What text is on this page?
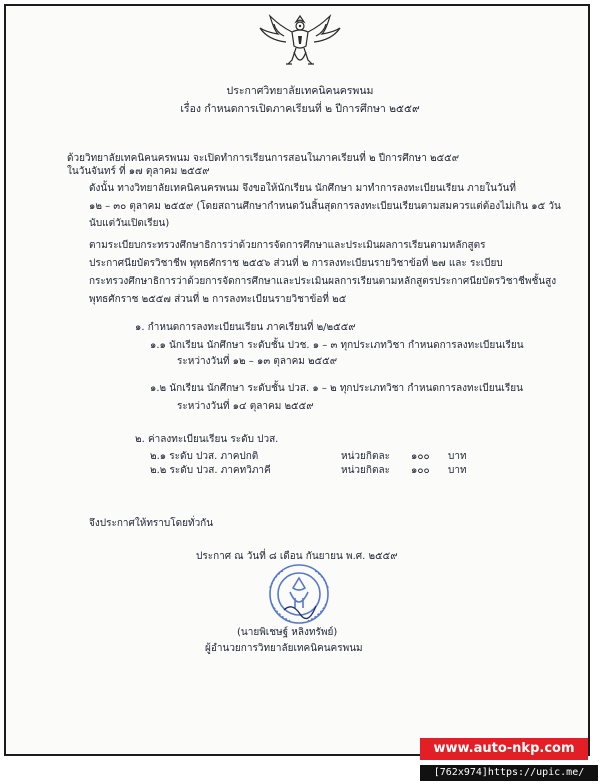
ประกาศวิทยาลัยเทคนิคนครพนม
เรื่อง กำหนดการเปิดภาคเรียนที่ ๒ ปีการศึกษา ๒๕๕๙
ด้วยวิทยาลัยเทคนิคนครพนม จะเปิดทำการเรียนการสอนในภาคเรียนที่ ๒ ปีการศึกษา ๒๕๕๙
ในวันจันทร์ ที่ ๑๗ ตุลาคม ๒๕๕๙
ดังนั้น ทางวิทยาลัยเทคนิคนครพนม จึงขอให้นักเรียน นักศึกษา มาทำการลงทะเบียนเรียน ภายในวันที่
๑๒ – ๓๐ ตุลาคม ๒๕๕๙ (โดยสถานศึกษากำหนดวันสิ้นสุดการลงทะเบียนเรียนตามสมควรแต่ต้องไม่เกิน ๑๕ วัน
นับแต่วันเปิดเรียน)
ตามระเบียบกระทรวงศึกษาธิการว่าด้วยการจัดการศึกษาและประเมินผลการเรียนตามหลักสูตร
ประกาศนียบัตรวิชาชีพ พุทธศักราช ๒๕๕๖ ส่วนที่ ๒ การลงทะเบียนรายวิชาข้อที่ ๒๗ และ ระเบียบ
กระทรวงศึกษาธิการว่าด้วยการจัดการศึกษาและประเมินผลการเรียนตามหลักสูตรประกาศนียบัตรวิชาชีพชั้นสูง
พุทธศักราช ๒๕๕๗ ส่วนที่ ๒ การลงทะเบียนรายวิชาข้อที่ ๒๕
๑. กำหนดการลงทะเบียนเรียน ภาคเรียนที่ ๒/๒๕๕๙
๑.๑ นักเรียน นักศึกษา ระดับชั้น ปวช. ๑ – ๓ ทุกประเภทวิชา กำหนดการลงทะเบียนเรียน
ระหว่างวันที่ ๑๒ – ๑๓ ตุลาคม ๒๕๕๙
๑.๒ นักเรียน นักศึกษา ระดับชั้น ปวส. ๑ – ๒ ทุกประเภทวิชา กำหนดการลงทะเบียนเรียน
ระหว่างวันที่ ๑๔ ตุลาคม ๒๕๕๙
๒. ค่าลงทะเบียนเรียน ระดับ ปวส.
๒.๑ ระดับ ปวส. ภาคปกติ	หน่วยกิตละ ๑๐๐ บาท
๒.๒ ระดับ ปวส. ภาคทวิภาคี	หน่วยกิตละ ๑๐๐ บาท
จึงประกาศให้ทราบโดยทั่วกัน
ประกาศ ณ วันที่ ๘ เดือน กันยายน พ.ศ. ๒๕๕๙
(นายพิเชษฐ์ หลิงทรัพย์)
ผู้อำนวยการวิทยาลัยเทคนิคนครพนม
www.auto-nkp.com
[762x974]https://upic.me/
